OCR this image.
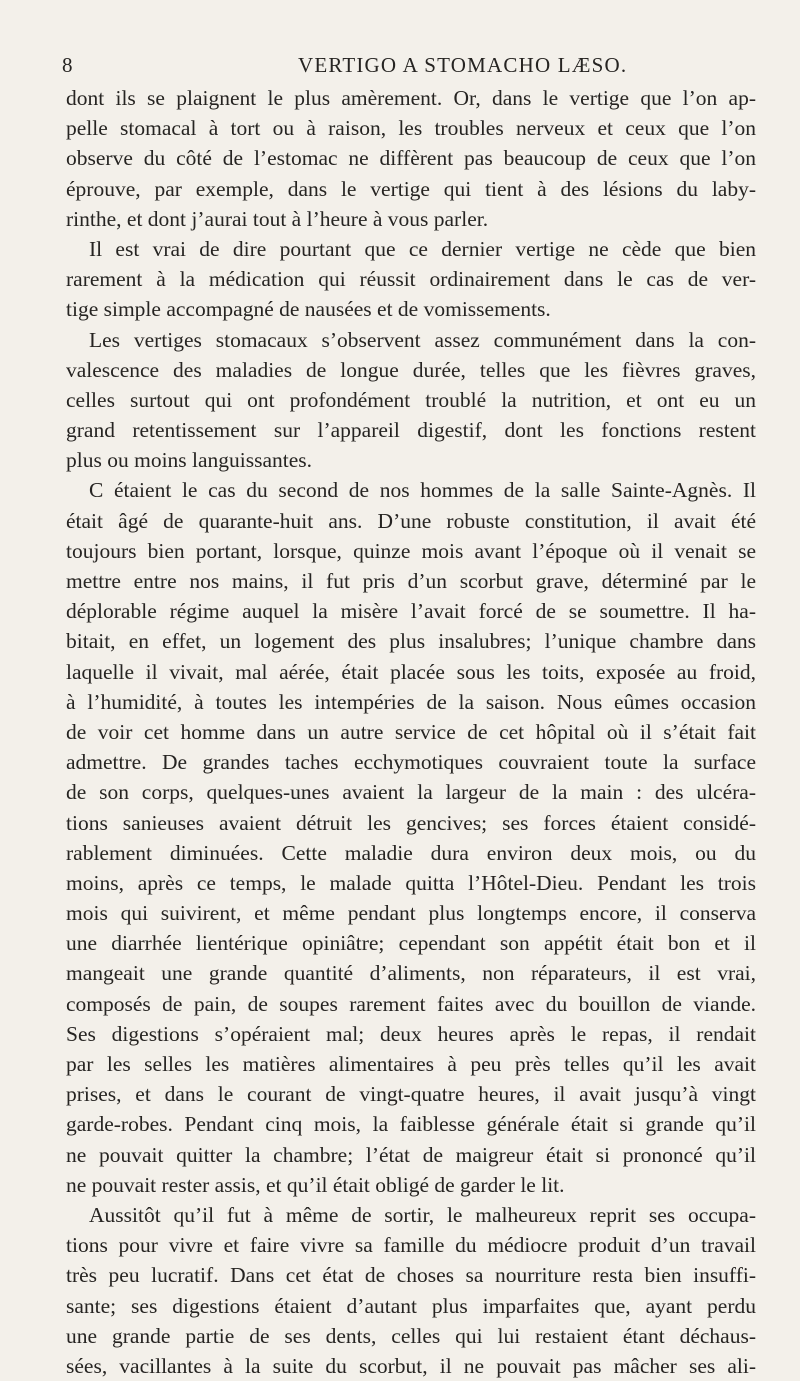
8	VERTIGO A STOMACHO LÆSO.
dont ils se plaignent le plus amèrement. Or, dans le vertige que l’on ap-
pelle stomacal à tort ou à raison, les troubles nerveux et ceux que l’on
observe du côté de l’estomac ne diffèrent pas beaucoup de ceux que l’on
éprouve, par exemple, dans le vertige qui tient à des lésions du laby-
rinthe, et dont j’aurai tout à l’heure à vous parler.
Il est vrai de dire pourtant que ce dernier vertige ne cède que bien
rarement à la médication qui réussit ordinairement dans le cas de ver-
tige simple accompagné de nausées et de vomissements.
Les vertiges stomacaux s’observent assez communément dans la con-
valescence des maladies de longue durée, telles que les fièvres graves,
celles surtout qui ont profondément troublé la nutrition, et ont eu un
grand retentissement sur l’appareil digestif, dont les fonctions restent
plus ou moins languissantes.
C étaient le cas du second de nos hommes de la salle Sainte-Agnès. Il
était âgé de quarante-huit ans. D’une robuste constitution, il avait été
toujours bien portant, lorsque, quinze mois avant l’époque où il venait se
mettre entre nos mains, il fut pris d’un scorbut grave, déterminé par le
déplorable régime auquel la misère l’avait forcé de se soumettre. Il ha-
bitait, en effet, un logement des plus insalubres; l’unique chambre dans
laquelle il vivait, mal aérée, était placée sous les toits, exposée au froid,
à l’humidité, à toutes les intempéries de la saison. Nous eûmes occasion
de voir cet homme dans un autre service de cet hôpital où il s’était fait
admettre. De grandes taches ecchymotiques couvraient toute la surface
de son corps, quelques-unes avaient la largeur de la main : des ulcéra-
tions sanieuses avaient détruit les gencives; ses forces étaient considé-
rablement diminuées. Cette maladie dura environ deux mois, ou du
moins, après ce temps, le malade quitta l’Hôtel-Dieu. Pendant les trois
mois qui suivirent, et même pendant plus longtemps encore, il conserva
une diarrhée lientérique opiniâtre; cependant son appétit était bon et il
mangeait une grande quantité d’aliments, non réparateurs, il est vrai,
composés de pain, de soupes rarement faites avec du bouillon de viande.
Ses digestions s’opéraient mal; deux heures après le repas, il rendait
par les selles les matières alimentaires à peu près telles qu’il les avait
prises, et dans le courant de vingt-quatre heures, il avait jusqu’à vingt
garde-robes. Pendant cinq mois, la faiblesse générale était si grande qu’il
ne pouvait quitter la chambre; l’état de maigreur était si prononcé qu’il
ne pouvait rester assis, et qu’il était obligé de garder le lit.
Aussitôt qu’il fut à même de sortir, le malheureux reprit ses occupa-
tions pour vivre et faire vivre sa famille du médiocre produit d’un travail
très peu lucratif. Dans cet état de choses sa nourriture resta bien insuffi-
sante; ses digestions étaient d’autant plus imparfaites que, ayant perdu
une grande partie de ses dents, celles qui lui restaient étant déchaus-
sées, vacillantes à la suite du scorbut, il ne pouvait pas mâcher ses ali-
